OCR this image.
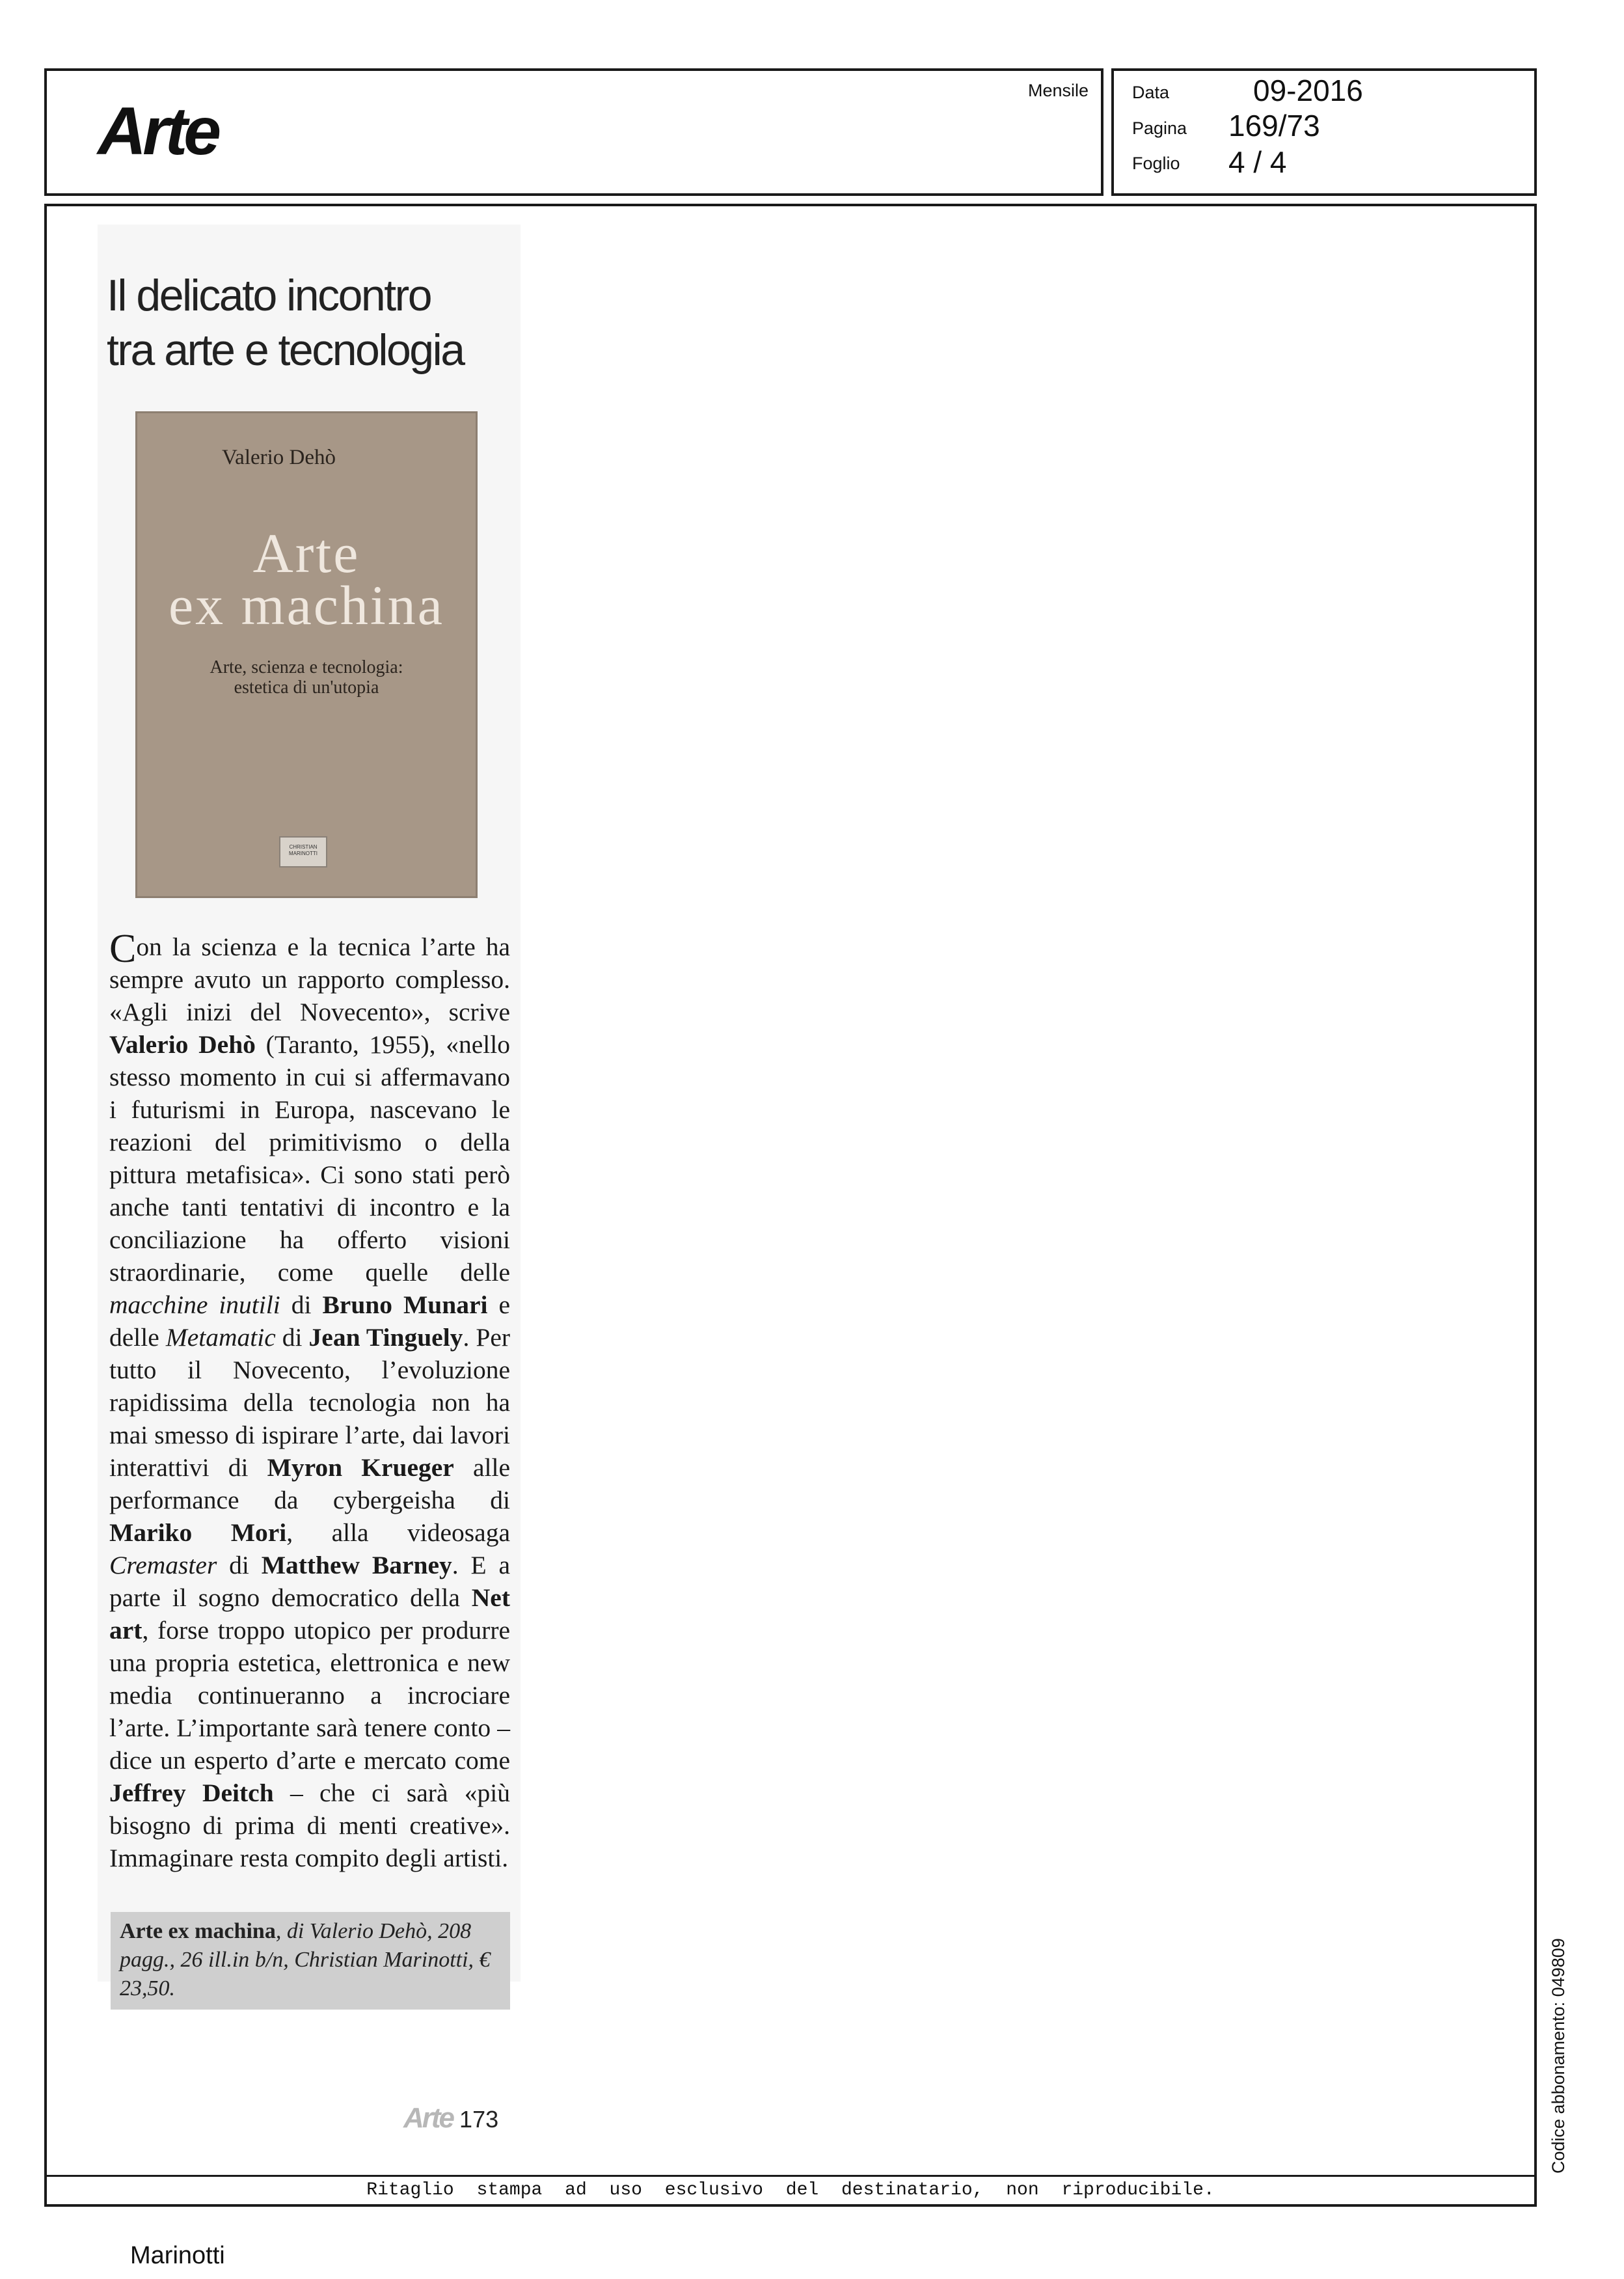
Arte
Mensile Data	09-2016
Pagina 169/73
Foglio 4 / 4
Il delicato incontro
tra arte e tecnologia
Valerio Dehò
Arte
ex machina
Arte, scienza e tecnologia:
estetica di un'utopia
CHRISTIAN MARINOTTI

Con la scienza e la tecnica l’arte ha sempre avuto un rapporto complesso. «Agli inizi del Novecento», scrive Valerio Dehò (Taranto, 1955), «nello stesso momento in cui si affermavano i futurismi in Europa, nascevano le reazioni del primitivismo o della pittura metafisica». Ci sono stati però anche tanti tentativi di incontro e la conciliazione ha offerto visioni straordinarie, come quelle delle macchine inutili di Bruno Munari e delle Metamatic di Jean Tinguely. Per tutto il Novecento, l’evoluzione rapidissima della tecnologia non ha mai smesso di ispirare l’arte, dai lavori interattivi di Myron Krueger alle performance da cybergeisha di Mariko Mori, alla videosaga Cremaster di Matthew Barney. E a parte il sogno democratico della Net art, forse troppo utopico per produrre una propria estetica, elettronica e new media continueranno a incrociare l’arte. L’importante sarà tenere conto – dice un esperto d’arte e mercato come Jeffrey Deitch – che ci sarà «più bisogno di prima di menti creative». Immaginare resta compito degli artisti.

Arte ex machina, di Valerio Dehò, 208 pagg., 26 ill.in b/n, Christian Marinotti, € 23,50.
Arte 173	Codice abbonamento: 049809
Ritaglio stampa ad uso esclusivo del destinatario, non riproducibile.
Marinotti
